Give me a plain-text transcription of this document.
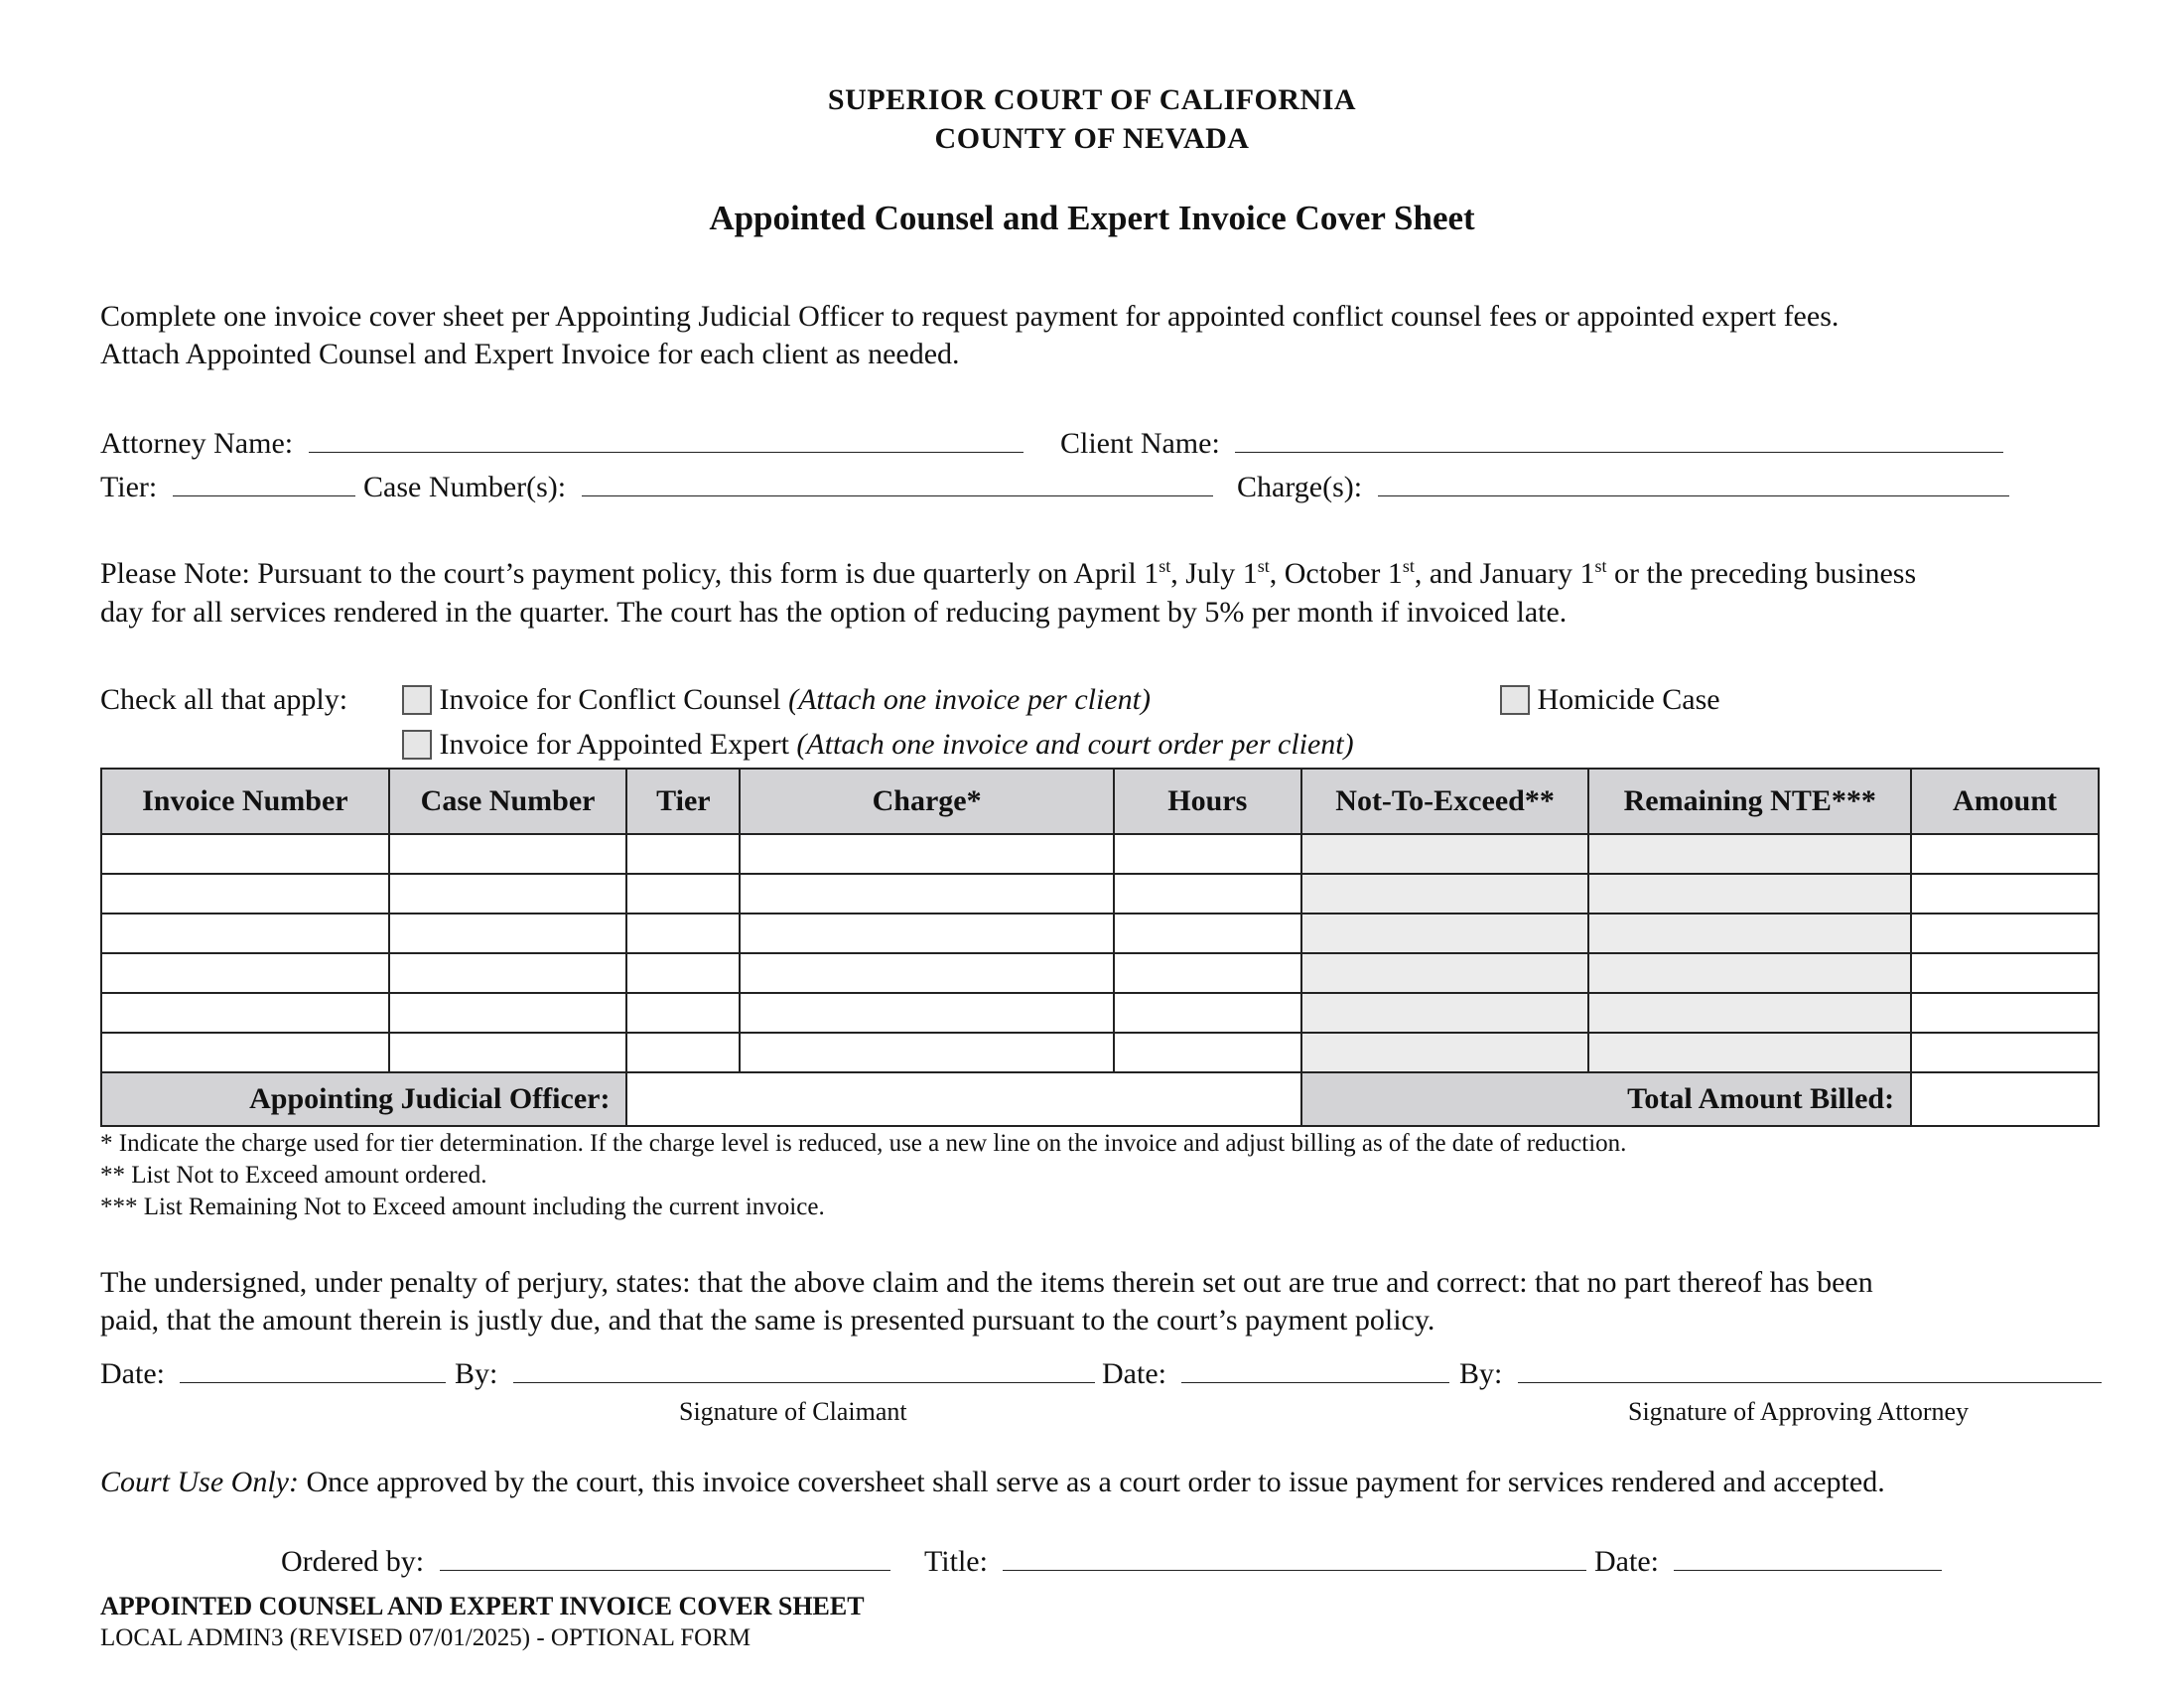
SUPERIOR COURT OF CALIFORNIA
COUNTY OF NEVADA
Appointed Counsel and Expert Invoice Cover Sheet
Complete one invoice cover sheet per Appointing Judicial Officer to request payment for appointed conflict counsel fees or appointed expert fees.
Attach Appointed Counsel and Expert Invoice for each client as needed.
Attorney Name:	Client Name:
Tier:	Case Number(s):	Charge(s):
Please Note: Pursuant to the court’s payment policy, this form is due quarterly on April 1st, July 1st, October 1st, and January 1st or the preceding business
day for all services rendered in the quarter. The court has the option of reducing payment by 5% per month if invoiced late.
Check all that apply:	Invoice for Conflict Counsel (Attach one invoice per client)	Homicide Case
Invoice for Appointed Expert (Attach one invoice and court order per client)
Invoice Number	Case Number	Tier	Charge*	Hours	Not-To-Exceed**	Remaining NTE***	Amount

Appointing Judicial Officer:					Total Amount Billed:		
* Indicate the charge used for tier determination. If the charge level is reduced, use a new line on the invoice and adjust billing as of the date of reduction.
** List Not to Exceed amount ordered.
*** List Remaining Not to Exceed amount including the current invoice.
The undersigned, under penalty of perjury, states: that the above claim and the items therein set out are true and correct: that no part thereof has been
paid, that the amount therein is justly due, and that the same is presented pursuant to the court’s payment policy.
Date:	By:
Signature of Claimant
Date:	By:
Signature of Approving Attorney
Court Use Only: Once approved by the court, this invoice coversheet shall serve as a court order to issue payment for services rendered and accepted.
Ordered by:	Title:	Date:
APPOINTED COUNSEL AND EXPERT INVOICE COVER SHEET
LOCAL ADMIN3 (REVISED 07/01/2025) - OPTIONAL FORM
